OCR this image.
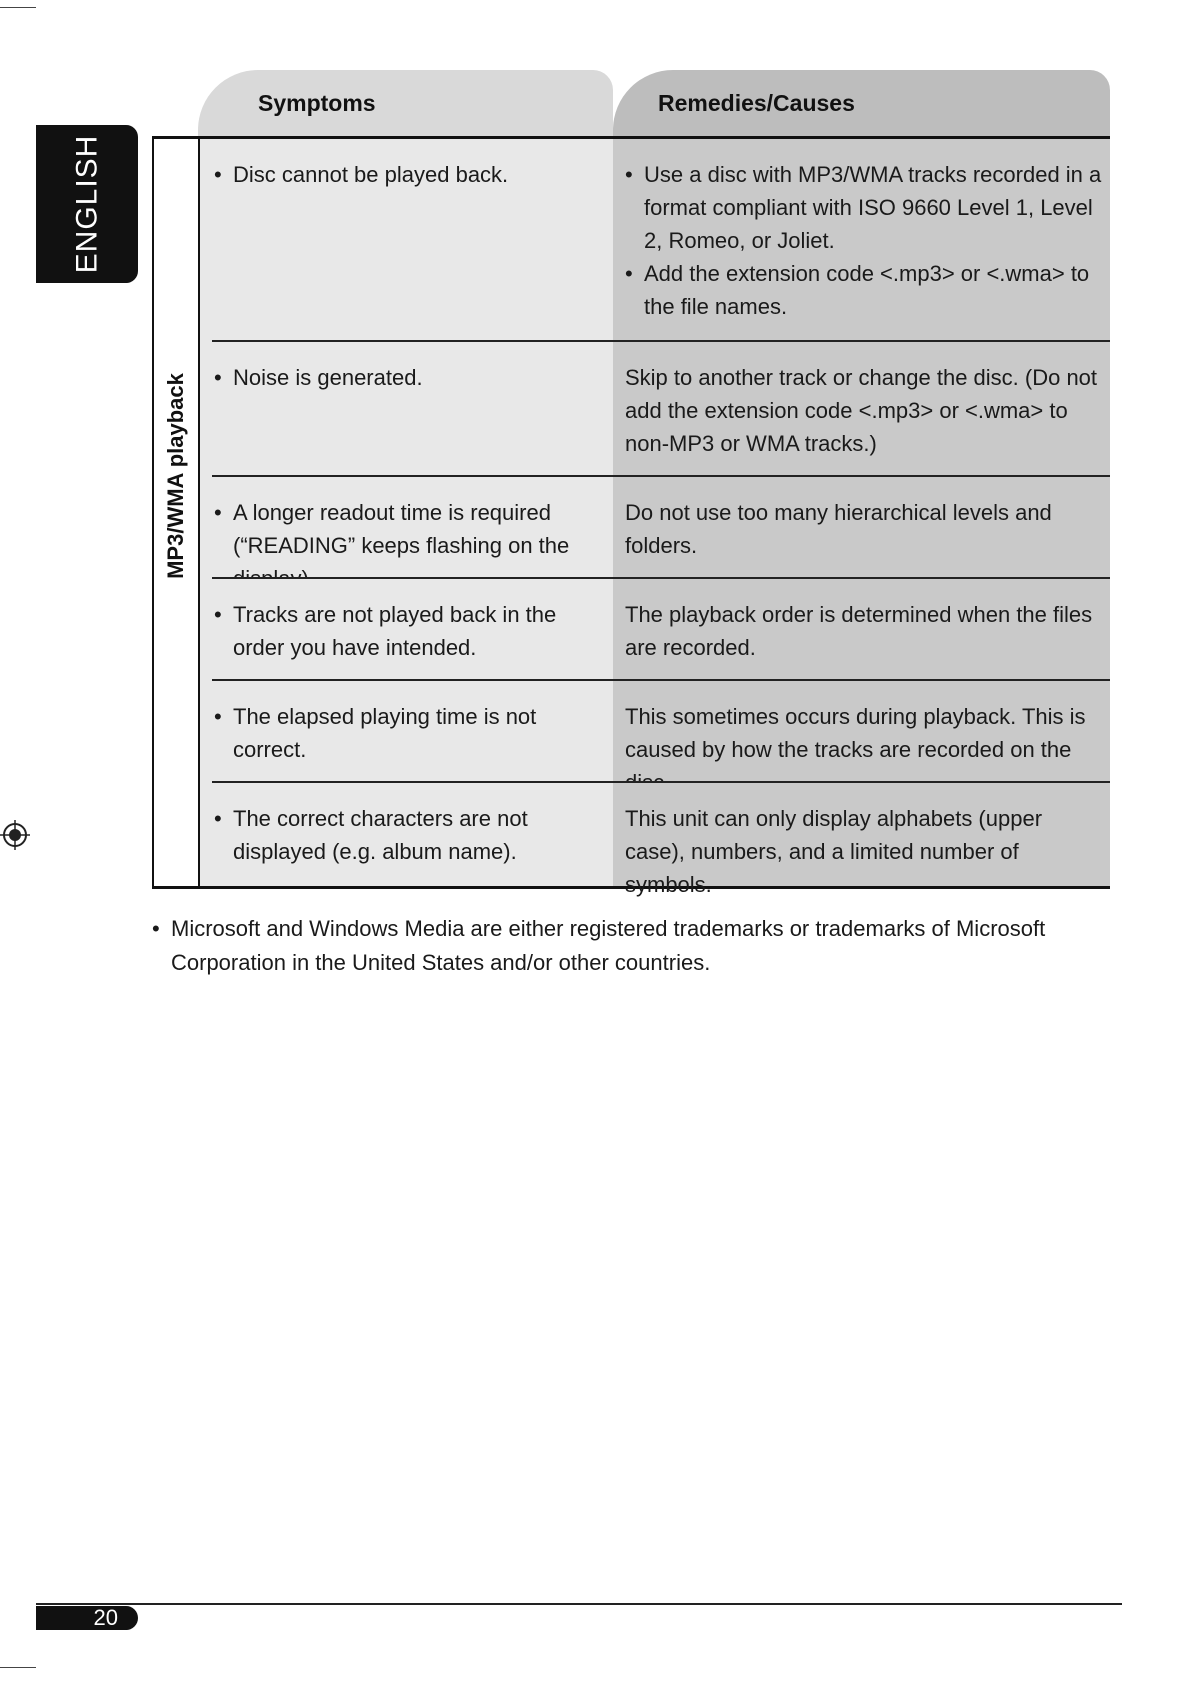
ENGLISH
Symptoms	Remedies/Causes
MP3/WMA playback
• Disc cannot be played back.
•	Use a disc with MP3/WMA tracks recorded in a format compliant with ISO 9660 Level 1, Level 2, Romeo, or Joliet.
• Add the extension code <.mp3> or <.wma> to the file names.
• Noise is generated.	Skip to another track or change the disc. (Do not add the extension code <.mp3> or <.wma> to non-MP3 or WMA tracks.)
• A longer readout time is required (“READING” keeps flashing on the
Do not use too many hierarchical levels and folders.
• Tracks are not played back in the order you have intended.
The playback order is determined when the files are recorded.
• The elapsed playing time is not correct.
This sometimes occurs during playback. This is caused by how the tracks are recorded on the
• The correct characters are not displayed (e.g. album name).
This unit can only display alphabets (upper case), numbers, and a limited number of symbols.
• Microsoft and Windows Media are either registered trademarks or trademarks of Microsoft Corporation in the United States and/or other countries.
20
